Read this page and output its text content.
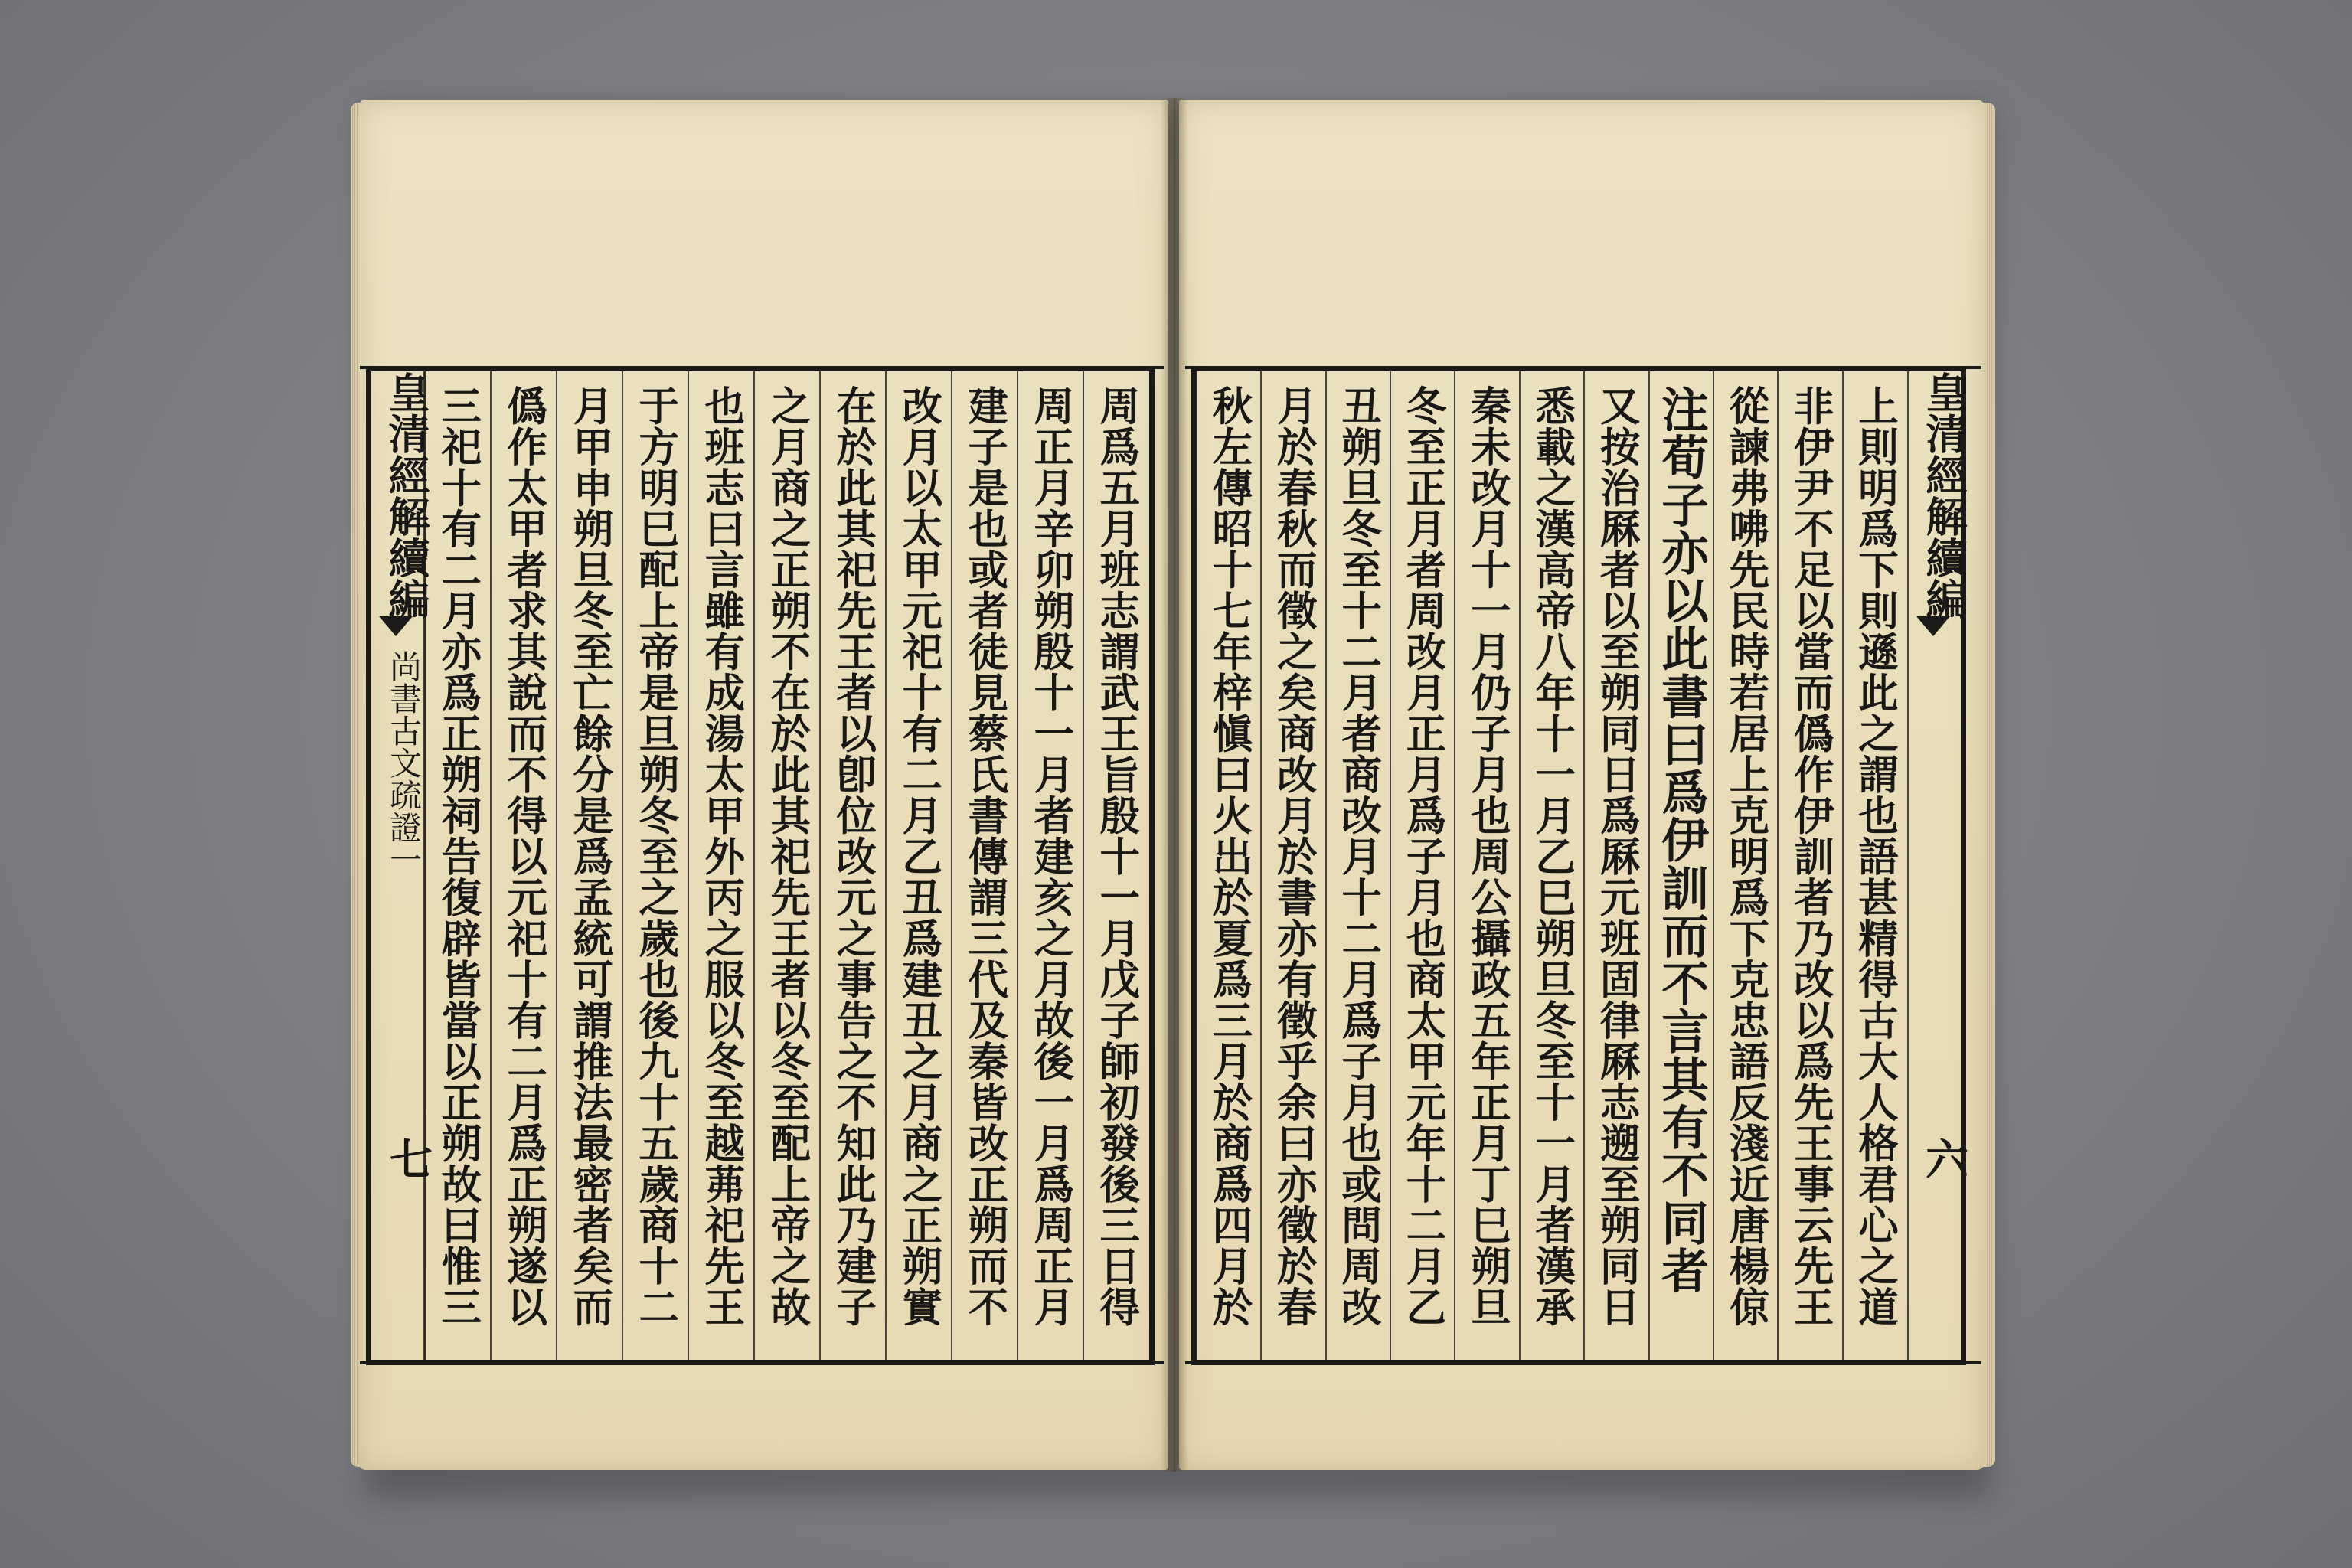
周爲五月班志謂武王旨殷十一月戊子師初發後三日得
周正月辛卯朔殷十一月者建亥之月故後一月爲周正月
建子是也或者徒見蔡氏書傳謂三代及秦皆改正朔而不
改月以太甲元祀十有二月乙丑爲建丑之月商之正朔實
在於此其祀先王者以卽位改元之事告之不知此乃建子
之月商之正朔不在於此其祀先王者以冬至配上帝之故
也班志曰言雖有成湯太甲外丙之服以冬至越茀祀先王
于方明巳配上帝是旦朔冬至之歲也後九十五歲商十二
月甲申朔旦冬至亡餘分是爲孟統可謂推法最密者矣而
僞作太甲者求其說而不得以元祀十有二月爲正朔遂以
三祀十有二月亦爲正朔祠告復辟皆當以正朔故曰惟三
皇清經解續編
尚書古文疏證一
七	上則明爲下則遜此之謂也語甚精得古大人格君心之道
非伊尹不足以當而僞作伊訓者乃改以爲先王事云先王
從諫弗咈先民時若居上克明爲下克忠語反淺近唐楊倞
注荀子亦以此書曰爲伊訓而不言其有不同者
又按治厤者以至朔同日爲厤元班固律厤志遡至朔同日
悉載之漢高帝八年十一月乙巳朔旦冬至十一月者漢承
秦未改月十一月仍子月也周公攝政五年正月丁巳朔旦
冬至正月者周改月正月爲子月也商太甲元年十二月乙
丑朔旦冬至十二月者商改月十二月爲子月也或問周改
月於春秋而徵之矣商改月於書亦有徵乎余曰亦徵於春
秋左傳昭十七年梓愼曰火出於夏爲三月於商爲四月於	皇清經解續編
六
